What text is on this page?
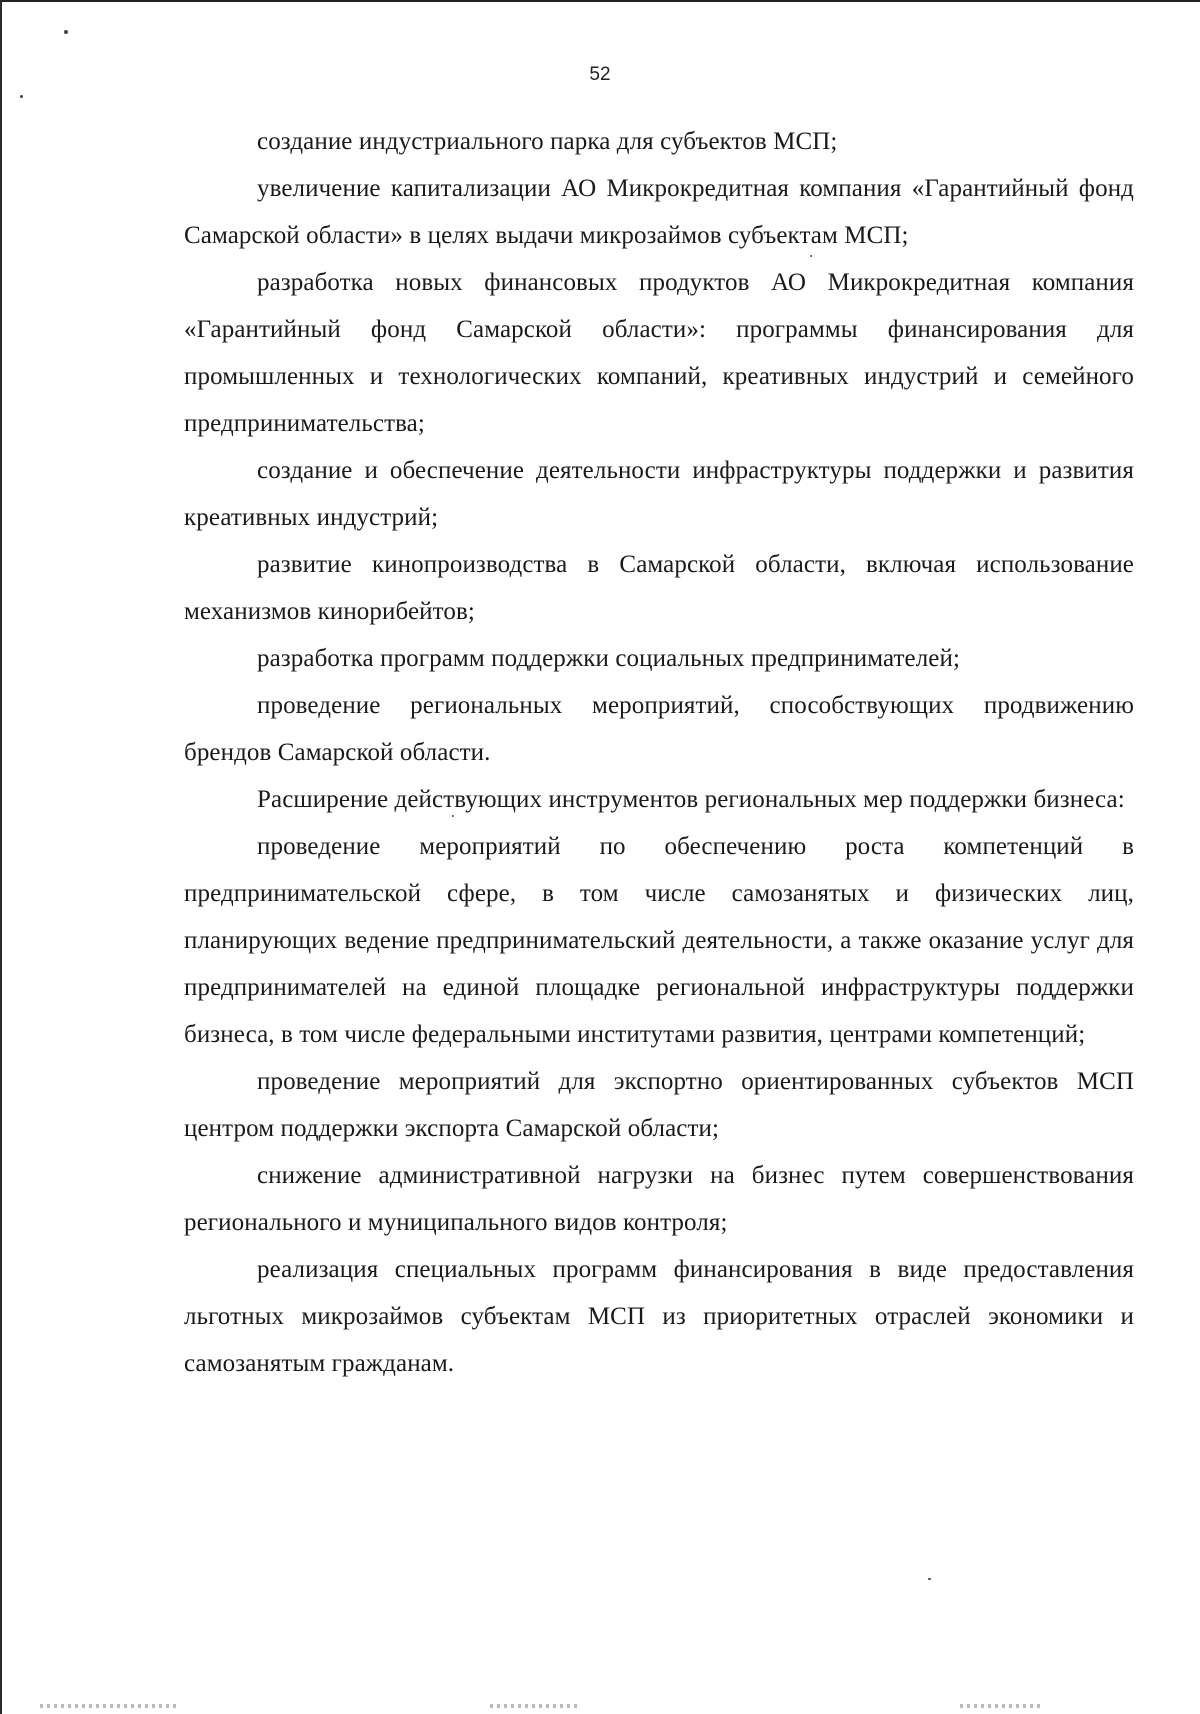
52

создание индустриального парка для субъектов МСП;

увеличение капитализации АО Микрокредитная компания «Гарантийный фонд Самарской области» в целях выдачи микрозаймов субъектам МСП;

разработка новых финансовых продуктов АО Микрокредитная компания «Гарантийный фонд Самарской области»: программы финансирования для промышленных и технологических компаний, креативных индустрий и семейного предпринимательства;

создание и обеспечение деятельности инфраструктуры поддержки и развития креативных индустрий;

развитие кинопроизводства в Самарской области, включая использование механизмов кинорибейтов;

разработка программ поддержки социальных предпринимателей;

проведение региональных мероприятий, способствующих продвижению брендов Самарской области.

Расширение действующих инструментов региональных мер поддержки бизнеса:

проведение мероприятий по обеспечению роста компетенций в предпринимательской сфере, в том числе самозанятых и физических лиц, планирующих ведение предпринимательский деятельности, а также оказание услуг для предпринимателей на единой площадке региональной инфраструктуры поддержки бизнеса, в том числе федеральными институтами развития, центрами компетенций;

проведение мероприятий для экспортно ориентированных субъектов МСП центром поддержки экспорта Самарской области;

снижение административной нагрузки на бизнес путем совершенствования регионального и муниципального видов контроля;

реализация специальных программ финансирования в виде предоставления льготных микрозаймов субъектам МСП из приоритетных отраслей экономики и самозанятым гражданам.
